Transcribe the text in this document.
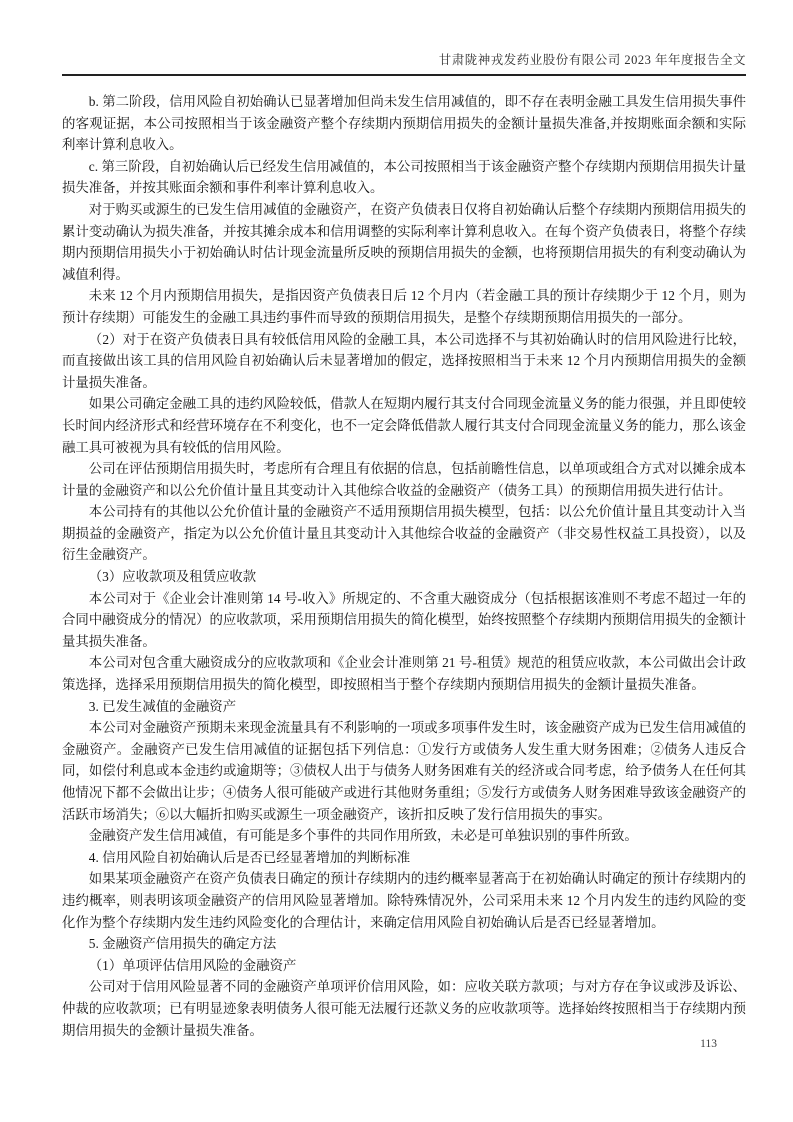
甘肃陇神戎发药业股份有限公司 2023 年年度报告全文

b. 第二阶段，信用风险自初始确认已显著增加但尚未发生信用减值的，即不存在表明金融工具发生信用损失事件的客观证据，本公司按照相当于该金融资产整个存续期内预期信用损失的金额计量损失准备,并按期账面余额和实际利率计算利息收入。

c. 第三阶段，自初始确认后已经发生信用减值的，本公司按照相当于该金融资产整个存续期内预期信用损失计量损失准备，并按其账面余额和事件利率计算利息收入。

对于购买或源生的已发生信用减值的金融资产，在资产负债表日仅将自初始确认后整个存续期内预期信用损失的累计变动确认为损失准备，并按其摊余成本和信用调整的实际利率计算利息收入。在每个资产负债表日，将整个存续期内预期信用损失小于初始确认时估计现金流量所反映的预期信用损失的金额，也将预期信用损失的有利变动确认为减值利得。

未来 12 个月内预期信用损失，是指因资产负债表日后 12 个月内（若金融工具的预计存续期少于 12 个月，则为预计存续期）可能发生的金融工具违约事件而导致的预期信用损失，是整个存续期预期信用损失的一部分。

（2）对于在资产负债表日具有较低信用风险的金融工具，本公司选择不与其初始确认时的信用风险进行比较，而直接做出该工具的信用风险自初始确认后未显著增加的假定，选择按照相当于未来 12 个月内预期信用损失的金额计量损失准备。

如果公司确定金融工具的违约风险较低，借款人在短期内履行其支付合同现金流量义务的能力很强，并且即使较长时间内经济形式和经营环境存在不利变化，也不一定会降低借款人履行其支付合同现金流量义务的能力，那么该金融工具可被视为具有较低的信用风险。

公司在评估预期信用损失时，考虑所有合理且有依据的信息，包括前瞻性信息，以单项或组合方式对以摊余成本计量的金融资产和以公允价值计量且其变动计入其他综合收益的金融资产（债务工具）的预期信用损失进行估计。

本公司持有的其他以公允价值计量的金融资产不适用预期信用损失模型，包括：以公允价值计量且其变动计入当期损益的金融资产，指定为以公允价值计量且其变动计入其他综合收益的金融资产（非交易性权益工具投资），以及衍生金融资产。

（3）应收款项及租赁应收款

本公司对于《企业会计准则第 14 号-收入》所规定的、不含重大融资成分（包括根据该准则不考虑不超过一年的合同中融资成分的情况）的应收款项，采用预期信用损失的简化模型，始终按照整个存续期内预期信用损失的金额计量其损失准备。

本公司对包含重大融资成分的应收款项和《企业会计准则第 21 号-租赁》规范的租赁应收款，本公司做出会计政策选择，选择采用预期信用损失的简化模型，即按照相当于整个存续期内预期信用损失的金额计量损失准备。

3. 已发生减值的金融资产

本公司对金融资产预期未来现金流量具有不利影响的一项或多项事件发生时，该金融资产成为已发生信用减值的金融资产。金融资产已发生信用减值的证据包括下列信息：①发行方或债务人发生重大财务困难；②债务人违反合同，如偿付利息或本金违约或逾期等；③债权人出于与债务人财务困难有关的经济或合同考虑，给予债务人在任何其他情况下都不会做出让步；④债务人很可能破产或进行其他财务重组；⑤发行方或债务人财务困难导致该金融资产的活跃市场消失；⑥以大幅折扣购买或源生一项金融资产，该折扣反映了发行信用损失的事实。

金融资产发生信用减值，有可能是多个事件的共同作用所致，未必是可单独识别的事件所致。

4. 信用风险自初始确认后是否已经显著增加的判断标准

如果某项金融资产在资产负债表日确定的预计存续期内的违约概率显著高于在初始确认时确定的预计存续期内的违约概率，则表明该项金融资产的信用风险显著增加。除特殊情况外，公司采用未来 12 个月内发生的违约风险的变化作为整个存续期内发生违约风险变化的合理估计，来确定信用风险自初始确认后是否已经显著增加。

5. 金融资产信用损失的确定方法

（1）单项评估信用风险的金融资产

公司对于信用风险显著不同的金融资产单项评价信用风险，如：应收关联方款项；与对方存在争议或涉及诉讼、仲裁的应收款项；已有明显迹象表明债务人很可能无法履行还款义务的应收款项等。选择始终按照相当于存续期内预期信用损失的金额计量损失准备。

113
